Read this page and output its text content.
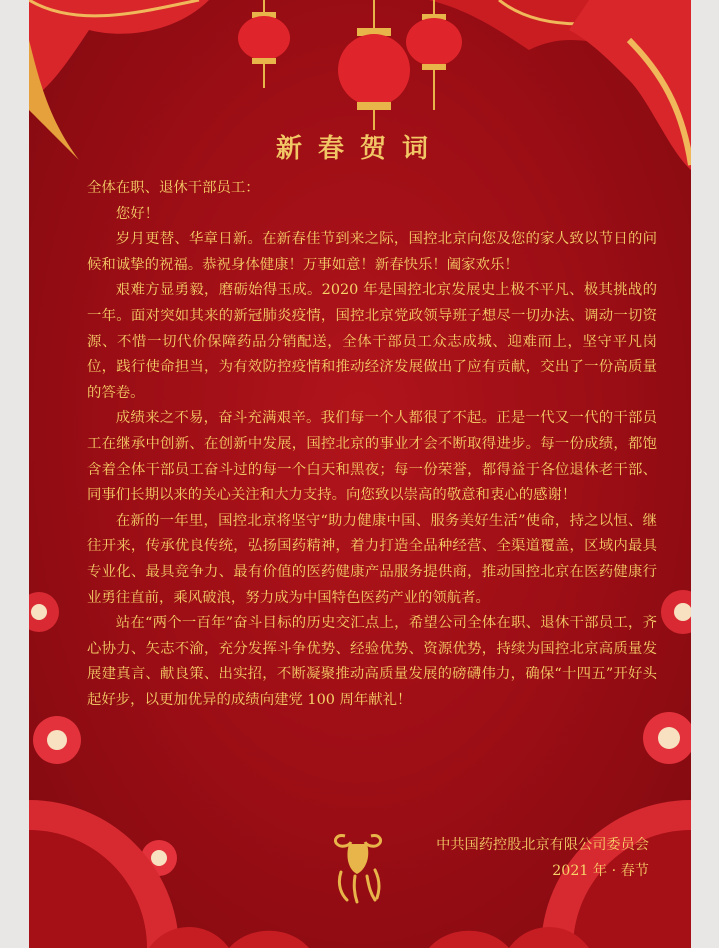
新春贺词

全体在职、退休干部员工：

您好！

岁月更替、华章日新。在新春佳节到来之际，国控北京向您及您的家人致以节日的问候和诚挚的祝福。恭祝身体健康！万事如意！新春快乐！阖家欢乐！

艰难方显勇毅，磨砺始得玉成。2020 年是国控北京发展史上极不平凡、极其挑战的一年。面对突如其来的新冠肺炎疫情，国控北京党政领导班子想尽一切办法、调动一切资源、不惜一切代价保障药品分销配送，全体干部员工众志成城、迎难而上，坚守平凡岗位，践行使命担当，为有效防控疫情和推动经济发展做出了应有贡献，交出了一份高质量的答卷。

成绩来之不易，奋斗充满艰辛。我们每一个人都很了不起。正是一代又一代的干部员工在继承中创新、在创新中发展，国控北京的事业才会不断取得进步。每一份成绩，都饱含着全体干部员工奋斗过的每一个白天和黑夜；每一份荣誉，都得益于各位退休老干部、同事们长期以来的关心关注和大力支持。向您致以崇高的敬意和衷心的感谢！

在新的一年里，国控北京将坚守“助力健康中国、服务美好生活”使命，持之以恒、继往开来，传承优良传统，弘扬国药精神，着力打造全品种经营、全渠道覆盖，区域内最具专业化、最具竞争力、最有价值的医药健康产品服务提供商，推动国控北京在医药健康行业勇往直前，乘风破浪，努力成为中国特色医药产业的领航者。

站在“两个一百年”奋斗目标的历史交汇点上，希望公司全体在职、退休干部员工，齐心协力、矢志不渝，充分发挥斗争优势、经验优势、资源优势，持续为国控北京高质量发展建真言、献良策、出实招，不断凝聚推动高质量发展的磅礴伟力，确保“十四五”开好头起好步，以更加优异的成绩向建党 100 周年献礼！

中共国药控股北京有限公司委员会
2021 年 · 春节
